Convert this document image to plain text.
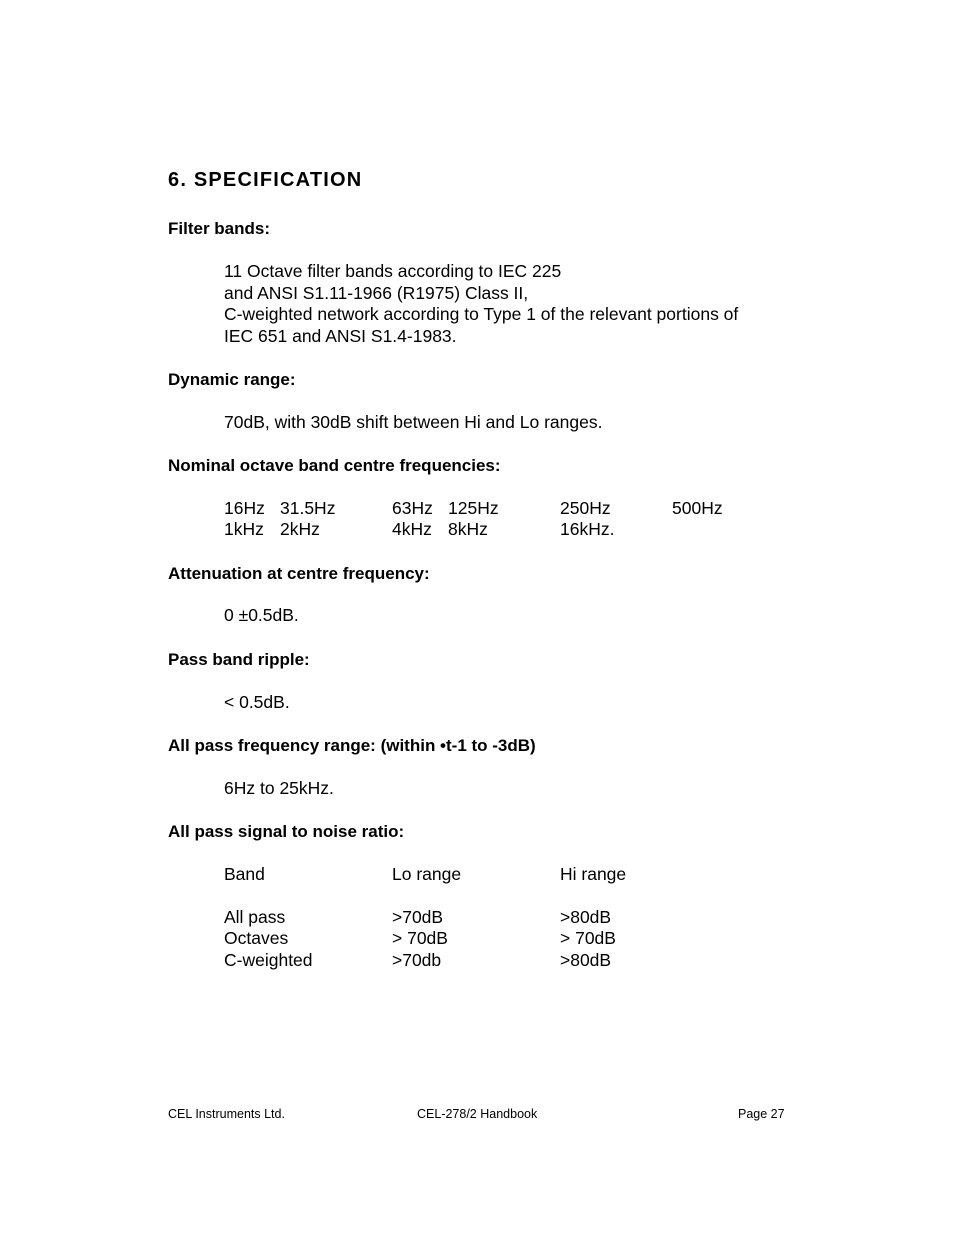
6. SPECIFICATION
Filter bands:
11 Octave filter bands according to IEC 225
and ANSI S1.11-1966 (R1975) Class II,
C-weighted network according to Type 1 of the relevant portions of
IEC 651 and ANSI S1.4-1983.
Dynamic range:
70dB, with 30dB shift between Hi and Lo ranges.
Nominal octave band centre frequencies:
16Hz 31.5Hz	63Hz 125Hz	250Hz	500Hz
1kHz 2kHz	4kHz 8kHz	16kHz.
Attenuation at centre frequency:
0 ±0.5dB.
Pass band ripple:
< 0.5dB.
All pass frequency range: (within •t-1 to -3dB)
6Hz to 25kHz.
All pass signal to noise ratio:
Band	Lo range	Hi range
All pass	>70dB	>80dB
Octaves	> 70dB	> 70dB
C-weighted	>70db	>80dB
CEL Instruments Ltd.	CEL-278/2 Handbook	Page 27
